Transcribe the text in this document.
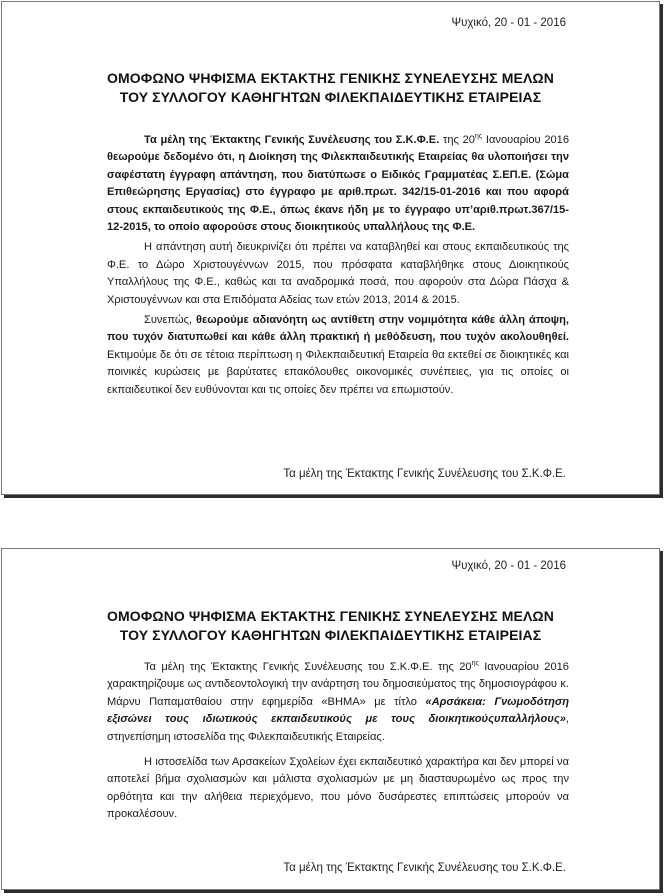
Ψυχικό, 20 - 01 - 2016
ΟΜΟΦΩΝΟ ΨΗΦΙΣΜΑ ΕΚΤΑΚΤΗΣ ΓΕΝΙΚΗΣ ΣΥΝΕΛΕΥΣΗΣ ΜΕΛΩΝ
ΤΟΥ ΣΥΛΛΟΓΟΥ ΚΑΘΗΓΗΤΩΝ ΦΙΛΕΚΠΑΙΔΕΥΤΙΚΗΣ ΕΤΑΙΡΕΙΑΣ

Τα μέλη της Έκτακτης Γενικής Συνέλευσης του Σ.Κ.Φ.Ε. της $20^{\eta\varsigma}$ Ιανουαρίου 2016 θεωρούμε δεδομένο ότι, η Διοίκηση της Φιλεκπαιδευτικής Εταιρείας θα υλοποιήσει την σαφέστατη έγγραφη απάντηση, που διατύπωσε ο Ειδικός Γραμματέας Σ.ΕΠ.Ε. (Σώμα Επιθεώρησης Εργασίας) στο έγγραφο με αριθ.πρωτ. 342/15-01-2016 και που αφορά στους εκπαιδευτικούς της Φ.Ε., όπως έκανε ήδη με το έγγραφο υπ’αριθ.πρωτ.367/15-12-2015, το οποίο αφορούσε στους διοικητικούς υπαλλήλους της Φ.Ε.

Η απάντηση αυτή διευκρινίζει ότι πρέπει να καταβληθεί και στους εκπαιδευτικούς της Φ.Ε. το Δώρο Χριστουγέννων 2015, που πρόσφατα καταβλήθηκε στους Διοικητικούς Υπαλλήλους της Φ.Ε., καθώς και τα αναδρομικά ποσά, που αφορούν στα Δώρα Πάσχα & Χριστουγέννων και στα Επιδόματα Αδείας των ετών 2013, 2014 & 2015.

Συνεπώς, θεωρούμε αδιανόητη ως αντίθετη στην νομιμότητα κάθε άλλη άποψη, που τυχόν διατυπωθεί και κάθε άλλη πρακτική ή μεθόδευση, που τυχόν ακολουθηθεί. Εκτιμούμε δε ότι σε τέτοια περίπτωση η Φιλεκπαιδευτική Εταιρεία θα εκτεθεί σε διοικητικές και ποινικές κυρώσεις με βαρύτατες επακόλουθες οικονομικές συνέπειες, για τις οποίες οι εκπαιδευτικοί δεν ευθύνονται και τις οποίες δεν πρέπει να επωμιστούν.

Τα μέλη της Έκτακτης Γενικής Συνέλευσης του Σ.Κ.Φ.Ε.
Ψυχικό, 20 - 01 - 2016
ΟΜΟΦΩΝΟ ΨΗΦΙΣΜΑ ΕΚΤΑΚΤΗΣ ΓΕΝΙΚΗΣ ΣΥΝΕΛΕΥΣΗΣ ΜΕΛΩΝ
ΤΟΥ ΣΥΛΛΟΓΟΥ ΚΑΘΗΓΗΤΩΝ ΦΙΛΕΚΠΑΙΔΕΥΤΙΚΗΣ ΕΤΑΙΡΕΙΑΣ

Τα μέλη της Έκτακτης Γενικής Συνέλευσης του Σ.Κ.Φ.Ε. της $20^{\eta\varsigma}$ Ιανουαρίου 2016 χαρακτηρίζουμε ως αντιδεοντολογική την ανάρτηση του δημοσιεύματος της δημοσιογράφου κ. Μάρνυ Παπαματθαίου στην εφημερίδα «ΒΗΜΑ» με τίτλο «Αρσάκεια: Γνωμοδότηση εξισώνει τους ιδιωτικούς εκπαιδευτικούς με τους διοικητικούςυπαλλήλους», στηνεπίσημη ιστοσελίδα της Φιλεκπαιδευτικής Εταιρείας.

Η ιστοσελίδα των Αρσακείων Σχολείων έχει εκπαιδευτικό χαρακτήρα και δεν μπορεί να αποτελεί βήμα σχολιασμών και μάλιστα σχολιασμών με μη διασταυρωμένο ως προς την ορθότητα και την αλήθεια περιεχόμενο, που μόνο δυσάρεστες επιπτώσεις μπορούν να προκαλέσουν.

Τα μέλη της Έκτακτης Γενικής Συνέλευσης του Σ.Κ.Φ.Ε.
